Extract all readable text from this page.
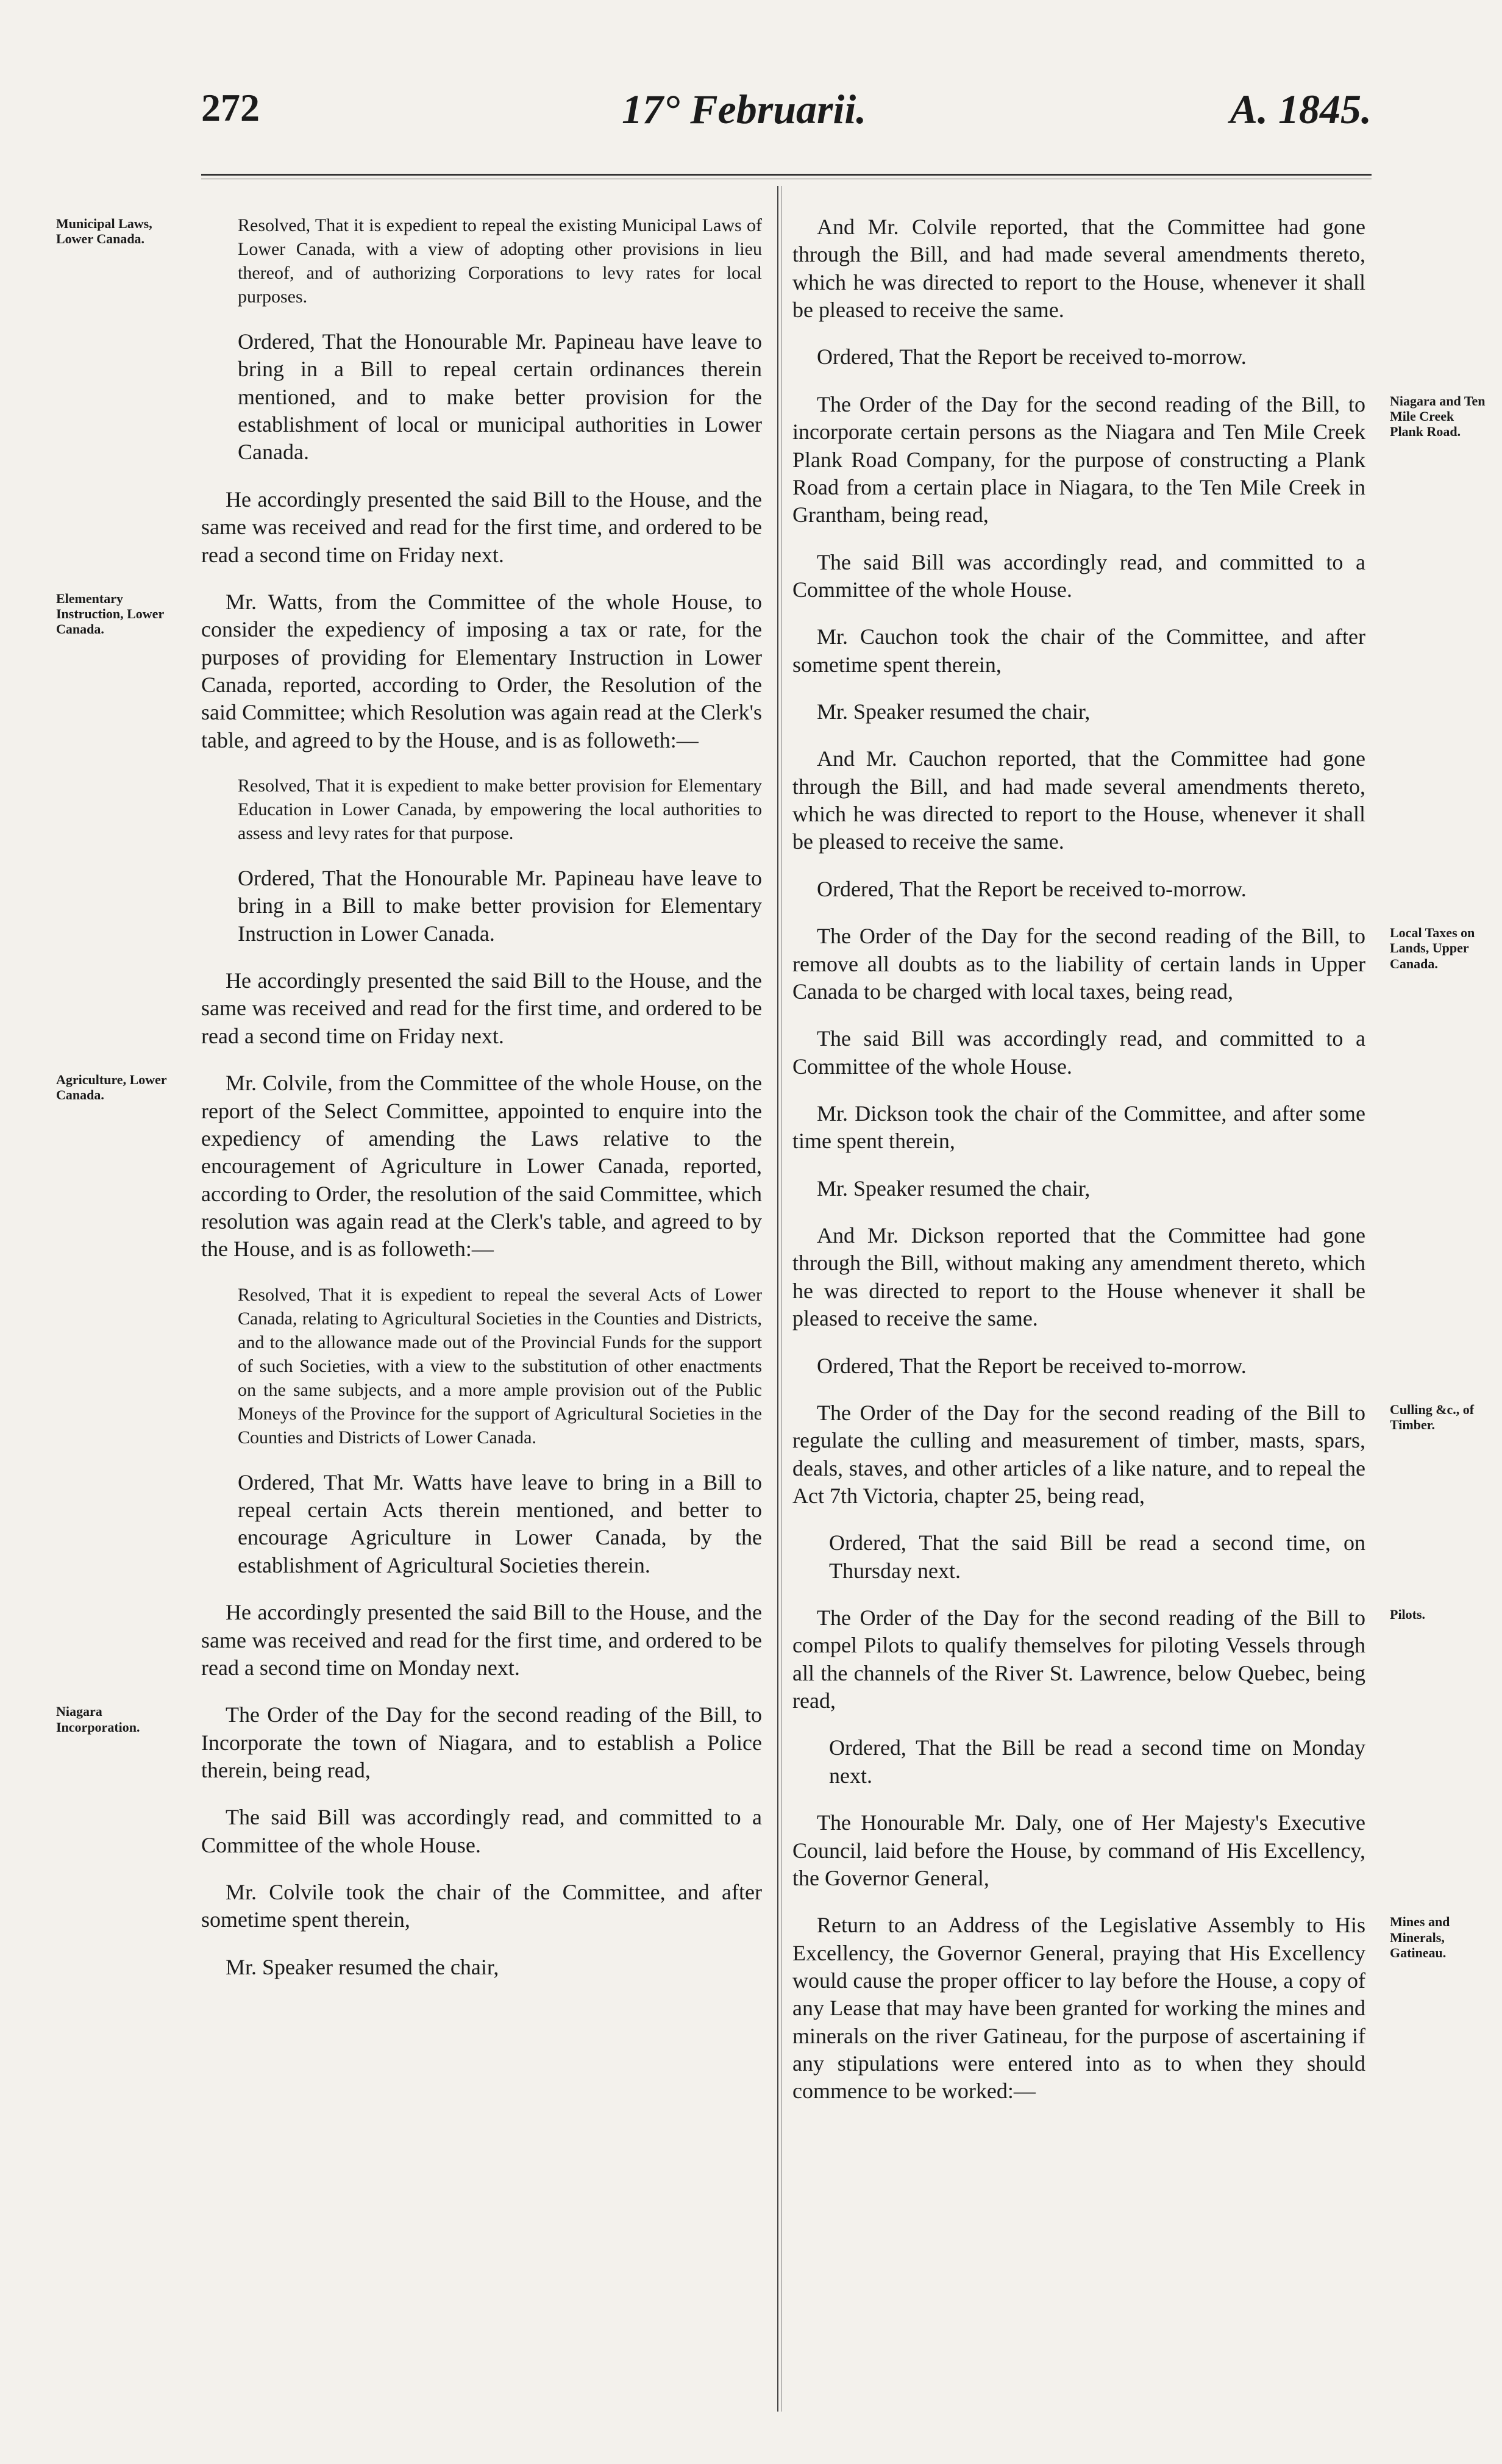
272	17° Februarii.	A. 1845.
Municipal Laws, Lower Canada.

Resolved, That it is expedient to repeal the existing Municipal Laws of Lower Canada, with a view of adopting other provisions in lieu thereof, and of authorizing Corporations to levy rates for local purposes.

Ordered, That the Honourable Mr. Papineau have leave to bring in a Bill to repeal certain ordinances therein mentioned, and to make better provision for the establishment of local or municipal authorities in Lower Canada.

He accordingly presented the said Bill to the House, and the same was received and read for the first time, and ordered to be read a second time on Friday next.

Elementary Instruction, Lower Canada.

Mr. Watts, from the Committee of the whole House, to consider the expediency of imposing a tax or rate, for the purposes of providing for Elementary Instruction in Lower Canada, reported, according to Order, the Resolution of the said Committee; which Resolution was again read at the Clerk's table, and agreed to by the House, and is as followeth:—

Resolved, That it is expedient to make better provision for Elementary Education in Lower Canada, by empowering the local authorities to assess and levy rates for that purpose.

Ordered, That the Honourable Mr. Papineau have leave to bring in a Bill to make better provision for Elementary Instruction in Lower Canada.

He accordingly presented the said Bill to the House, and the same was received and read for the first time, and ordered to be read a second time on Friday next.

Agriculture, Lower Canada.	Mr. Colvile, from the Committee of the whole House, on the report of the Select Committee, appointed to enquire into the expediency of amending the Laws relative to the encouragement of Agriculture in Lower Canada, reported, according to Order, the resolution of the said Committee, which resolution was again read at the Clerk's table, and agreed to by the House, and is as followeth:—

Resolved, That it is expedient to repeal the several Acts of Lower Canada, relating to Agricultural Societies in the Counties and Districts, and to the allowance made out of the Provincial Funds for the support of such Societies, with a view to the substitution of other enactments on the same subjects, and a more ample provision out of the Public Moneys of the Province for the support of Agricultural Societies in the Counties and Districts of Lower Canada.

Ordered, That Mr. Watts have leave to bring in a Bill to repeal certain Acts therein mentioned, and better to encourage Agriculture in Lower Canada, by the establishment of Agricultural Societies therein.

He accordingly presented the said Bill to the House, and the same was received and read for the first time, and ordered to be read a second time on Monday next.

Niagara Incorporation.	The Order of the Day for the second reading of the Bill, to Incorporate the town of Niagara, and to establish a Police therein, being read,

The said Bill was accordingly read, and committed to a Committee of the whole House.

Mr. Colvile took the chair of the Committee, and after sometime spent therein,

Mr. Speaker resumed the chair,

And Mr. Colvile reported, that the Committee had gone through the Bill, and had made several amendments thereto, which he was directed to report to the House, whenever it shall be pleased to receive the same.

Ordered, That the Report be received to-morrow.

Niagara and Ten Mile Creek Plank Road.

The Order of the Day for the second reading of the Bill, to incorporate certain persons as the Niagara and Ten Mile Creek Plank Road Company, for the purpose of constructing a Plank Road from a certain place in Niagara, to the Ten Mile Creek in Grantham, being read,

The said Bill was accordingly read, and committed to a Committee of the whole House.

Mr. Cauchon took the chair of the Committee, and after sometime spent therein,

Mr. Speaker resumed the chair,

And Mr. Cauchon reported, that the Committee had gone through the Bill, and had made several amendments thereto, which he was directed to report to the House, whenever it shall be pleased to receive the same.

Ordered, That the Report be received to-morrow.

Local Taxes on Lands, Upper Canada.

The Order of the Day for the second reading of the Bill, to remove all doubts as to the liability of certain lands in Upper Canada to be charged with local taxes, being read,

The said Bill was accordingly read, and committed to a Committee of the whole House.

Mr. Dickson took the chair of the Committee, and after some time spent therein,

Mr. Speaker resumed the chair,

And Mr. Dickson reported that the Committee had gone through the Bill, without making any amendment thereto, which he was directed to report to the House whenever it shall be pleased to receive the same.

Ordered, That the Report be received to-morrow.

Culling &c., of Timber.

The Order of the Day for the second reading of the Bill to regulate the culling and measurement of timber, masts, spars, deals, staves, and other articles of a like nature, and to repeal the Act 7th Victoria, chapter 25, being read,

Ordered, That the said Bill be read a second time, on Thursday next.

Pilots.

The Order of the Day for the second reading of the Bill to compel Pilots to qualify themselves for piloting Vessels through all the channels of the River St. Lawrence, below Quebec, being read,

Ordered, That the Bill be read a second time on Monday next.

The Honourable Mr. Daly, one of Her Majesty's Executive Council, laid before the House, by command of His Excellency, the Governor General,

Mines and Minerals, Gatineau.

Return to an Address of the Legislative Assembly to His Excellency, the Governor General, praying that His Excellency would cause the proper officer to lay before the House, a copy of any Lease that may have been granted for working the mines and minerals on the river Gatineau, for the purpose of ascertaining if any stipulations were entered into as to when they should commence to be worked:—
